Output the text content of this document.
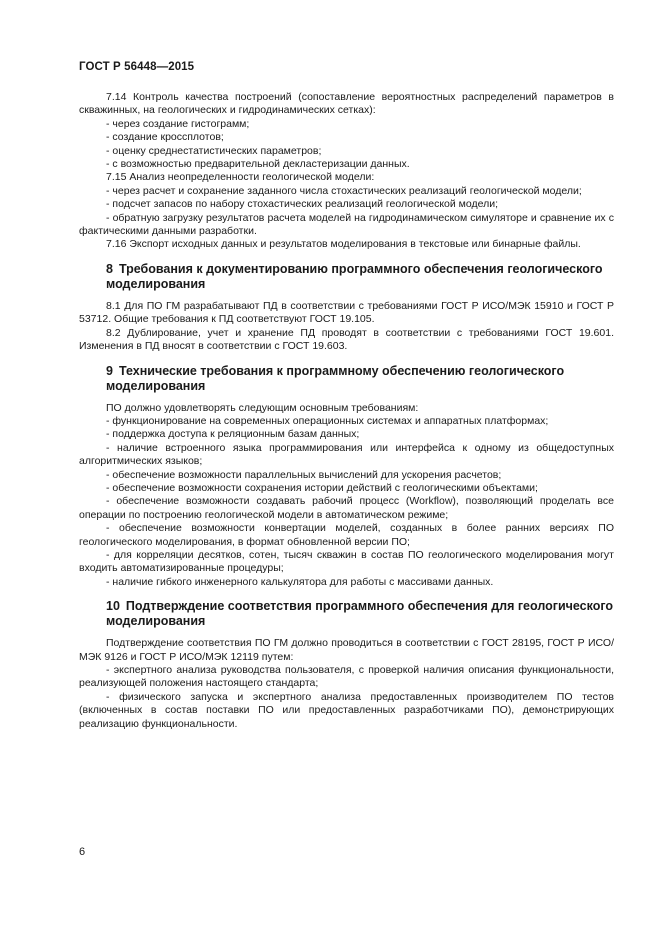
ГОСТ Р 56448—2015

7.14 Контроль качества построений (сопоставление вероятностных распределений параметров в скважинных, на геологических и гидродинамических сетках):

- через создание гистограмм;

- создание кроссплотов;

- оценку среднестатистических параметров;

- с возможностью предварительной декластеризации данных.

7.15 Анализ неопределенности геологической модели:

- через расчет и сохранение заданного числа стохастических реализаций геологической модели;

- подсчет запасов по набору стохастических реализаций геологической модели;

- обратную загрузку результатов расчета моделей на гидродинамическом симуляторе и сравнение их с фактическими данными разработки.

7.16 Экспорт исходных данных и результатов моделирования в текстовые или бинарные файлы.

8 Требования к документированию программного обеспечения геологического моделирования

8.1 Для ПО ГМ разрабатывают ПД в соответствии с требованиями ГОСТ Р ИСО/МЭК 15910 и ГОСТ Р 53712. Общие требования к ПД соответствуют ГОСТ 19.105.

8.2 Дублирование, учет и хранение ПД проводят в соответствии с требованиями ГОСТ 19.601. Изменения в ПД вносят в соответствии с ГОСТ 19.603.

9 Технические требования к программному обеспечению геологического моделирования

ПО должно удовлетворять следующим основным требованиям:

- функционирование на современных операционных системах и аппаратных платформах;

- поддержка доступа к реляционным базам данных;

- наличие встроенного языка программирования или интерфейса к одному из общедоступных алгоритмических языков;

- обеспечение возможности параллельных вычислений для ускорения расчетов;

- обеспечение возможности сохранения истории действий с геологическими объектами;

- обеспечение возможности создавать рабочий процесс (Workflow), позволяющий проделать все операции по построению геологической модели в автоматическом режиме;

- обеспечение возможности конвертации моделей, созданных в более ранних версиях ПО геологического моделирования, в формат обновленной версии ПО;

- для корреляции десятков, сотен, тысяч скважин в состав ПО геологического моделирования могут входить автоматизированные процедуры;

- наличие гибкого инженерного калькулятора для работы с массивами данных.

10 Подтверждение соответствия программного обеспечения для геологического моделирования

Подтверждение соответствия ПО ГМ должно проводиться в соответствии с ГОСТ 28195, ГОСТ Р ИСО/МЭК 9126 и ГОСТ Р ИСО/МЭК 12119 путем:

- экспертного анализа руководства пользователя, с проверкой наличия описания функциональности, реализующей положения настоящего стандарта;

- физического запуска и экспертного анализа предоставленных производителем ПО тестов (включенных в состав поставки ПО или предоставленных разработчиками ПО), демонстрирующих реализацию функциональности.

6
